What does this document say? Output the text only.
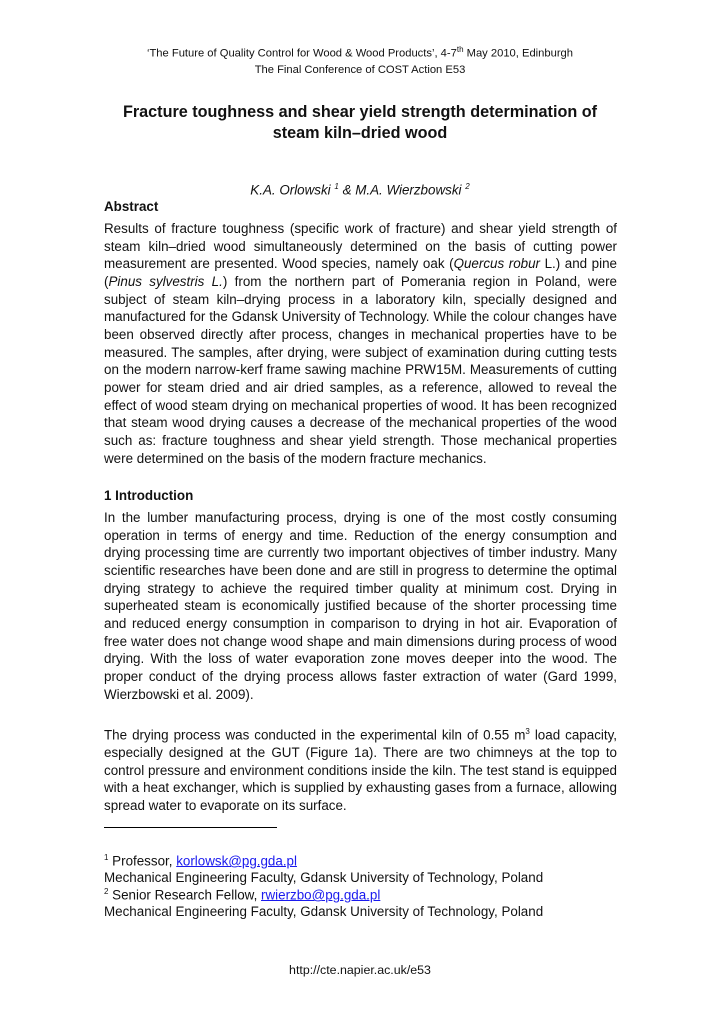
‘The Future of Quality Control for Wood & Wood Products’, 4-7th May 2010, Edinburgh
The Final Conference of COST Action E53
Fracture toughness and shear yield strength determination of
steam kiln–dried wood
K.A. Orlowski $^1$ & M.A. Wierzbowski $^2$
Abstract
Results of fracture toughness (specific work of fracture) and shear yield strength of steam kiln–dried wood simultaneously determined on the basis of cutting power measurement are presented. Wood species, namely oak (Quercus robur L.) and pine (Pinus sylvestris L.) from the northern part of Pomerania region in Poland, were subject of steam kiln–drying process in a laboratory kiln, specially designed and manufactured for the Gdansk University of Technology. While the colour changes have been observed directly after process, changes in mechanical properties have to be measured. The samples, after drying, were subject of examination during cutting tests on the modern narrow-kerf frame sawing machine PRW15M. Measurements of cutting power for steam dried and air dried samples, as a reference, allowed to reveal the effect of wood steam drying on mechanical properties of wood. It has been recognized that steam wood drying causes a decrease of the mechanical properties of the wood such as: fracture toughness and shear yield strength. Those mechanical properties were determined on the basis of the modern fracture mechanics.
1 Introduction
In the lumber manufacturing process, drying is one of the most costly consuming operation in terms of energy and time. Reduction of the energy consumption and drying processing time are currently two important objectives of timber industry. Many scientific researches have been done and are still in progress to determine the optimal drying strategy to achieve the required timber quality at minimum cost. Drying in superheated steam is economically justified because of the shorter processing time and reduced energy consumption in comparison to drying in hot air. Evaporation of free water does not change wood shape and main dimensions during process of wood drying. With the loss of water evaporation zone moves deeper into the wood. The proper conduct of the drying process allows faster extraction of water (Gard 1999, Wierzbowski et al. 2009).
The drying process was conducted in the experimental kiln of 0.55 $m^3$ load capacity, especially designed at the GUT (Figure 1a). There are two chimneys at the top to control pressure and environment conditions inside the kiln. The test stand is equipped with a heat exchanger, which is supplied by exhausting gases from a furnace, allowing spread water to evaporate on its surface.
$^1$ Professor, korlowsk@pg.gda.pl
Mechanical Engineering Faculty, Gdansk University of Technology, Poland
$^2$ Senior Research Fellow, rwierzbo@pg.gda.pl
Mechanical Engineering Faculty, Gdansk University of Technology, Poland
http://cte.napier.ac.uk/e53
